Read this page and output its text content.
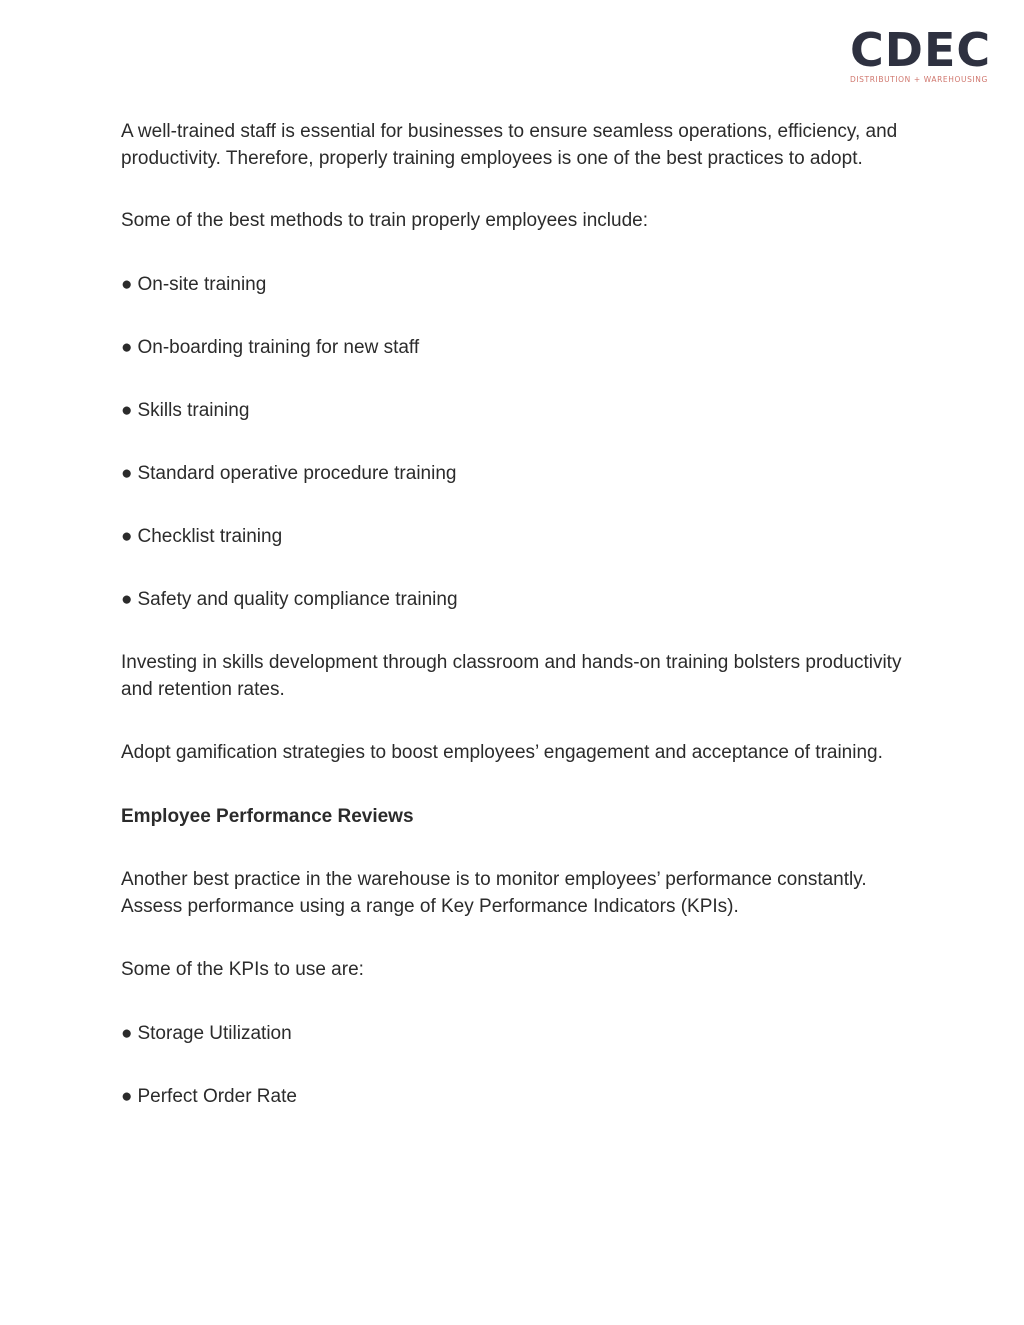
CDEC
DISTRIBUTION + WAREHOUSING

A well-trained staff is essential for businesses to ensure seamless operations, efficiency, and productivity. Therefore, properly training employees is one of the best practices to adopt.

Some of the best methods to train properly employees include:

● On-site training
● On-boarding training for new staff
● Skills training
● Standard operative procedure training
● Checklist training
● Safety and quality compliance training

Investing in skills development through classroom and hands-on training bolsters productivity and retention rates.

Adopt gamification strategies to boost employees’ engagement and acceptance of training.

Employee Performance Reviews

Another best practice in the warehouse is to monitor employees’ performance constantly. Assess performance using a range of Key Performance Indicators (KPIs).

Some of the KPIs to use are:

● Storage Utilization
● Perfect Order Rate
